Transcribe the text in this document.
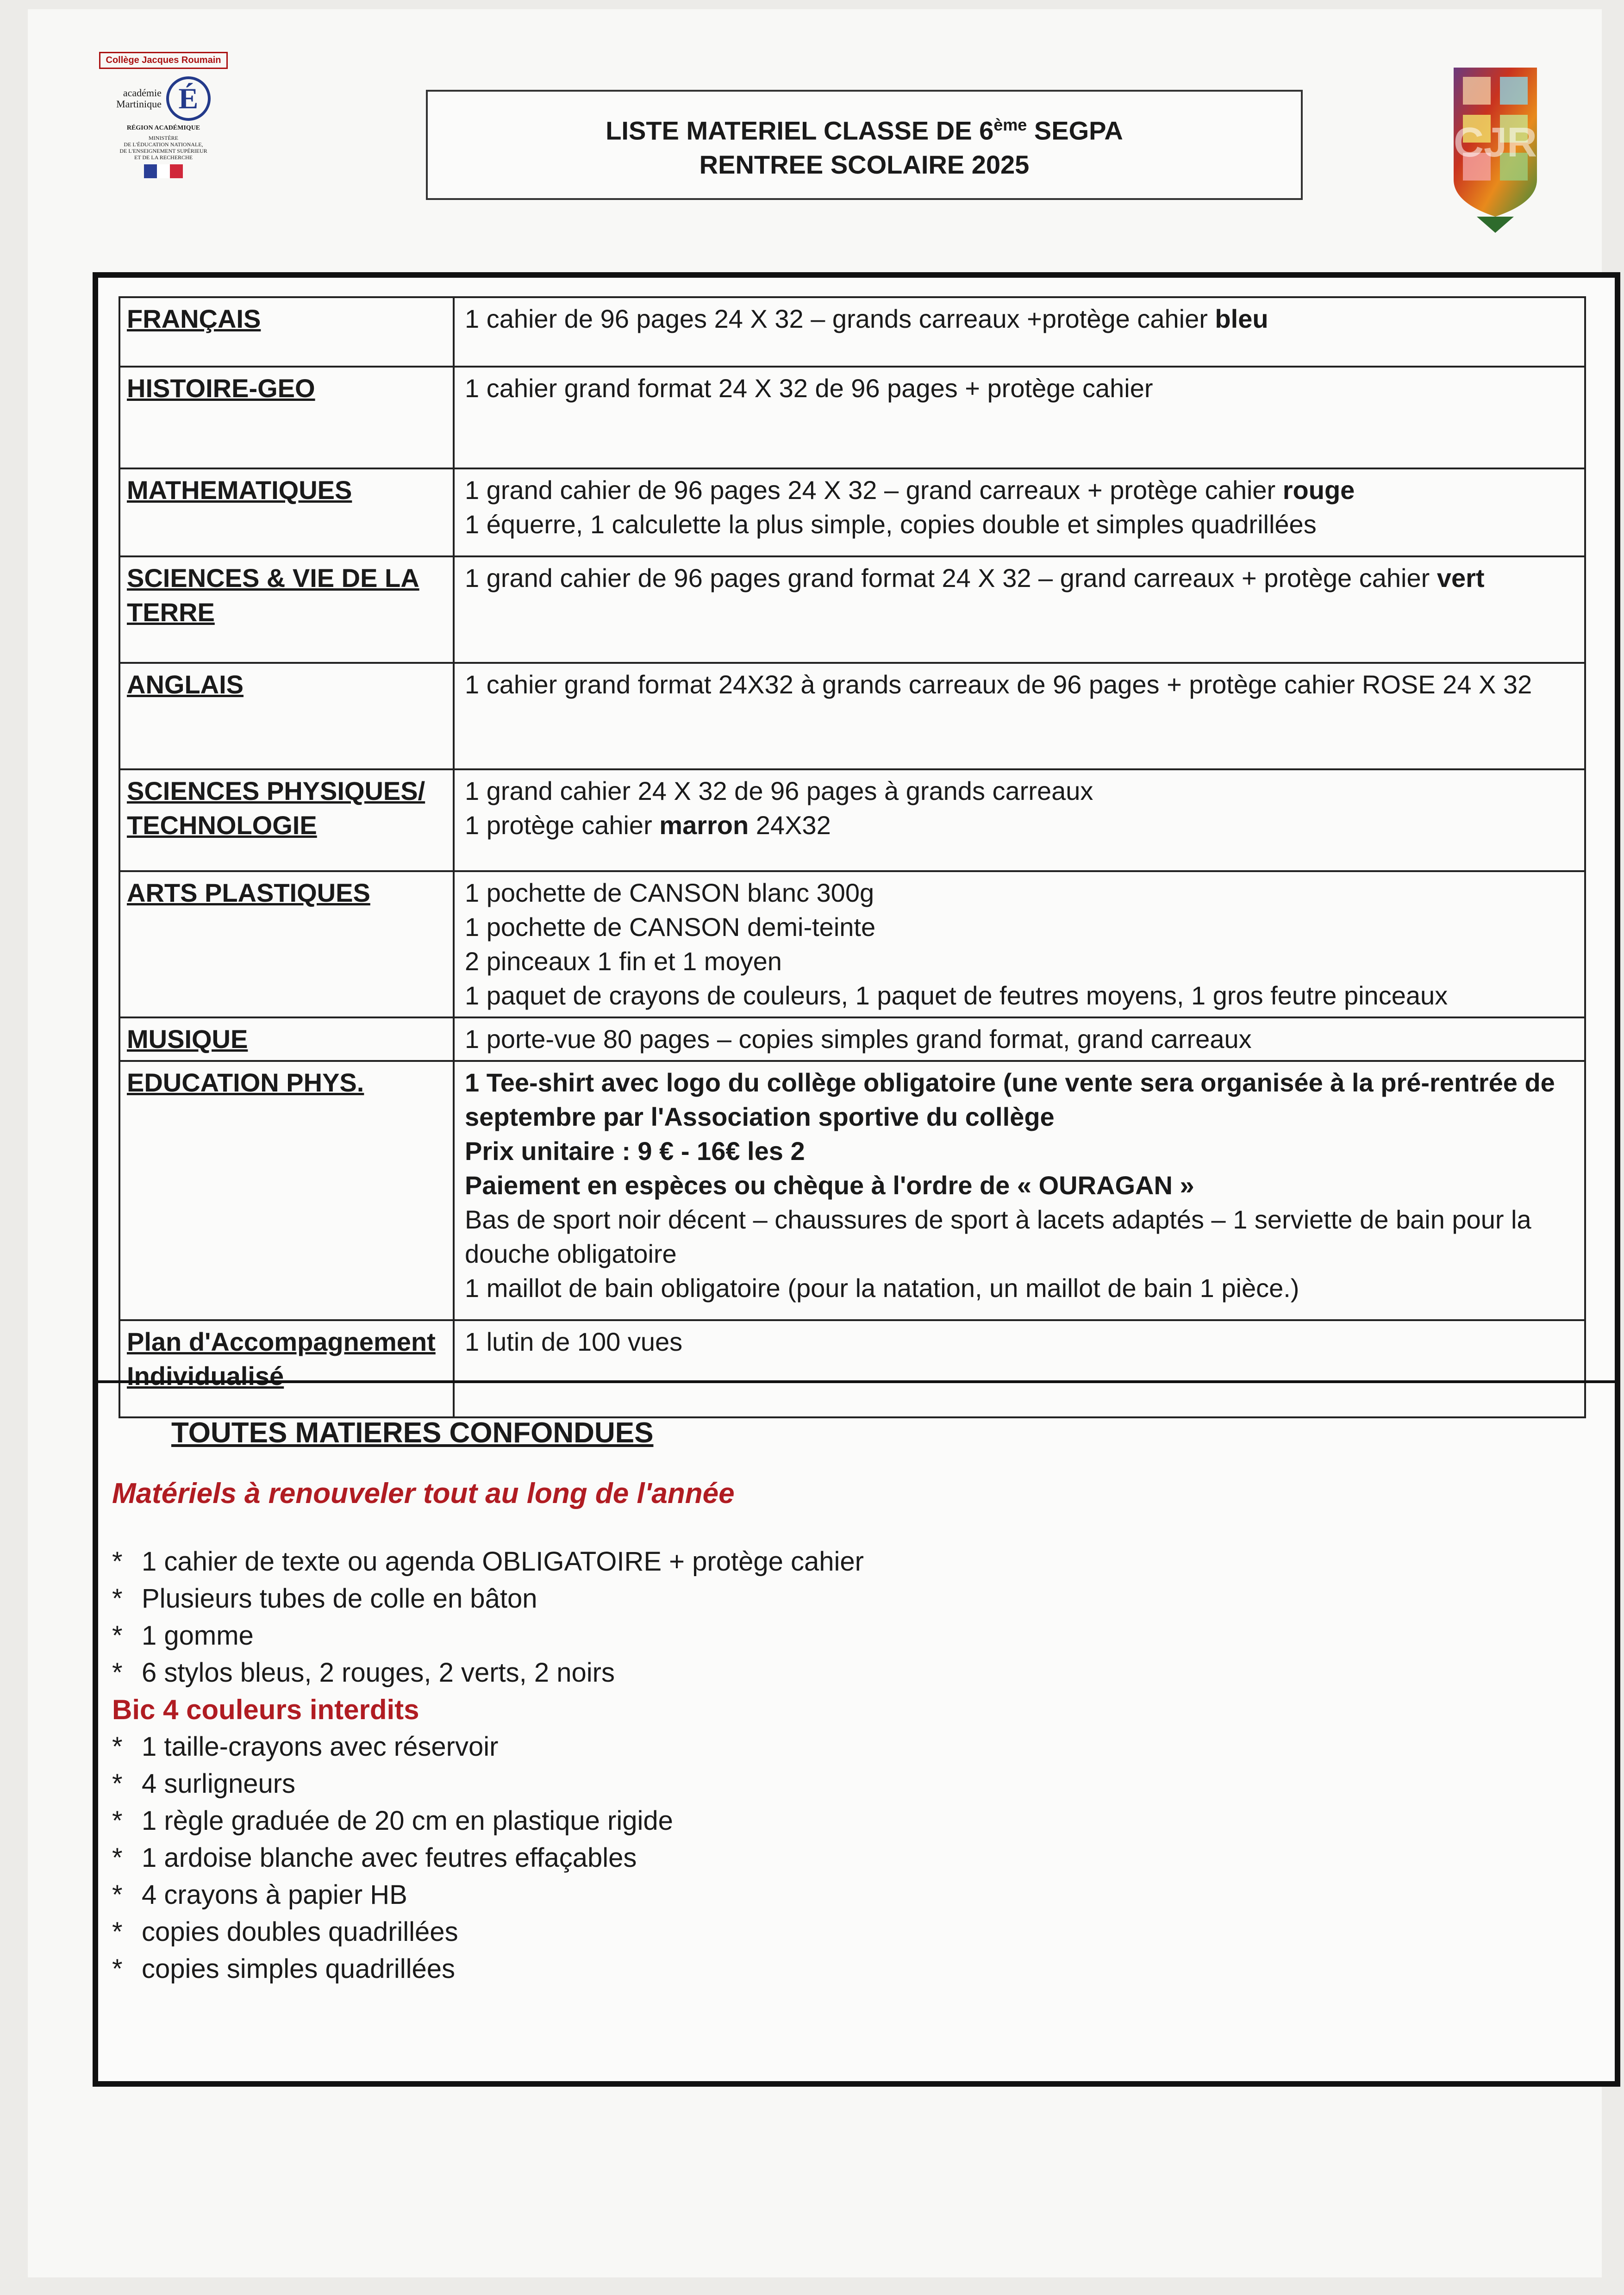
Collège Jacques Roumain
académie
Martinique É
RÉGION ACADÉMIQUE
MINISTÈRE
DE L'ÉDUCATION NATIONALE,
DE L'ENSEIGNEMENT SUPÉRIEUR
ET DE LA RECHERCHE
LISTE MATERIEL CLASSE DE 6ème SEGPA
RENTREE SCOLAIRE 2025	CJR
FRANÇAIS	1 cahier de 96 pages 24 X 32 – grands carreaux +protège cahier bleu

HISTOIRE-GEO	1 cahier grand format 24 X 32 de 96 pages + protège cahier

MATHEMATIQUES	1 grand cahier de 96 pages 24 X 32 – grand carreaux + protège cahier rouge
1 équerre, 1 calculette la plus simple, copies double et simples quadrillées

SCIENCES & VIE DE LA TERRE	1 grand cahier de 96 pages grand format 24 X 32 – grand carreaux + protège cahier vert

ANGLAIS	1 cahier grand format 24X32 à grands carreaux de 96 pages + protège cahier ROSE 24 X 32

SCIENCES PHYSIQUES/ TECHNOLOGIE	1 grand cahier 24 X 32 de 96 pages à grands carreaux
1 protège cahier marron 24X32

ARTS PLASTIQUES	1 pochette de CANSON blanc 300g
1 pochette de CANSON demi-teinte
2 pinceaux 1 fin et 1 moyen
1 paquet de crayons de couleurs, 1 paquet de feutres moyens, 1 gros feutre pinceaux

MUSIQUE	1 porte-vue 80 pages – copies simples grand format, grand carreaux

EDUCATION PHYS.	1 Tee-shirt avec logo du collège obligatoire (une vente sera organisée à la pré-rentrée de septembre par l'Association sportive du collège
Prix unitaire : 9 € - 16€ les 2
Paiement en espèces ou chèque à l'ordre de « OURAGAN »
Bas de sport noir décent – chaussures de sport à lacets adaptés – 1 serviette de bain pour la douche obligatoire
1 maillot de bain obligatoire (pour la natation, un maillot de bain 1 pièce.)

Plan d'Accompagnement Individualisé	1 lutin de 100 vues
TOUTES MATIERES CONFONDUES
Matériels à renouveler tout au long de l'année
* 1 cahier de texte ou agenda OBLIGATOIRE + protège cahier
* Plusieurs tubes de colle en bâton
* 1 gomme
* 6 stylos bleus, 2 rouges, 2 verts, 2 noirs
Bic 4 couleurs interdits
* 1 taille-crayons avec réservoir
* 4 surligneurs
* 1 règle graduée de 20 cm en plastique rigide
* 1 ardoise blanche avec feutres effaçables
* 4 crayons à papier HB
* copies doubles quadrillées
* copies simples quadrillées
